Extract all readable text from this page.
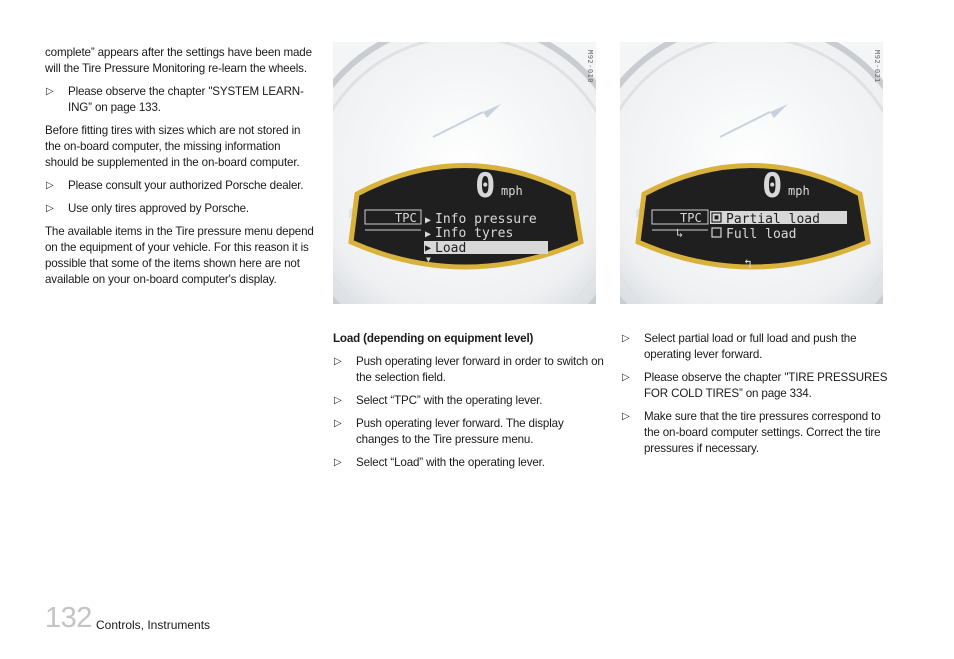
complete” appears after the settings have been made will the Tire Pressure Monitoring re-learn the wheels.

▷ Please observe the chapter "SYSTEM LEARN-ING” on page 133.

Before fitting tires with sizes which are not stored in the on-board computer, the missing information should be supplemented in the on-board computer.

▷ Please consult your authorized Porsche dealer.
▷ Use only tires approved by Porsche.

The available items in the Tire pressure menu depend on the equipment of your vehicle. For this reason it is possible that some of the items shown here are not available on your on-board computer's display.

0 mph
TPC ▶ Info pressure
▶ Info tyres
▶ Load
▼
M92-010
0 mph
TPC
↳
Partial load
Full load
↰
M92-021

Load (depending on equipment level)

▷ Push operating lever forward in order to switch on the selection field.
▷ Select “TPC” with the operating lever.
▷ Push operating lever forward. The display changes to the Tire pressure menu.
▷ Select “Load” with the operating lever.
▷ Select partial load or full load and push the operating lever forward.
▷ Please observe the chapter "TIRE PRESSURES FOR COLD TIRES” on page 334.
▷ Make sure that the tire pressures correspond to the on-board computer settings. Correct the tire pressures if necessary.
132 Controls, Instruments
